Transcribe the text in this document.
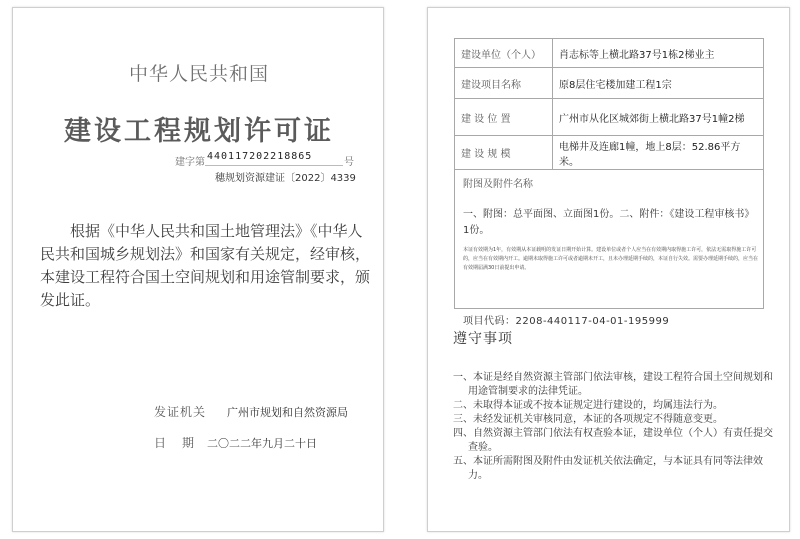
中华人民共和国
建设工程规划许可证
建字第
440117202218865
号
穗规划资源建证〔2022〕4339
根据《中华人民共和国土地管理法》《中华人民共和国城乡规划法》和国家有关规定，经审核，本建设工程符合国土空间规划和用途管制要求，颁发此证。
发证机关 广州市规划和自然资源局
日期
二〇二二年九月二十日
建设单位（个人）	肖志标等上横北路37号1栋2梯业主
建设项目名称	原8层住宅楼加建工程1宗
建 设 位 置	广州市从化区城郊街上横北路37号1幢2梯
建 设 规 模	电梯井及连廊1幢，地上8层：52.86平方米。

附图及附件名称
一、附图：总平面图、立面图1份。二、附件：《建设工程审核书》1份。
本证有效期为1年，有效期从本证载明的发证日期开始计算。建设单位或者个人应当在有效期内取得施工许可，依法无需取得施工许可的，应当在有效期内开工。逾期未取得施工许可或者逾期未开工，且未办理延期手续的，本证自行失效。需要办理延期手续的，应当在有效期届满30日前提出申请。	
项目代码：2208-440117-04-01-195999
遵守事项
一、本证是经自然资源主管部门依法审核，建设工程符合国土空间规划和用途管制要求的法律凭证。
二、未取得本证或不按本证规定进行建设的，均属违法行为。
三、未经发证机关审核同意，本证的各项规定不得随意变更。
四、自然资源主管部门依法有权查验本证，建设单位（个人）有责任提交查验。
五、本证所需附图及附件由发证机关依法确定，与本证具有同等法律效力。
